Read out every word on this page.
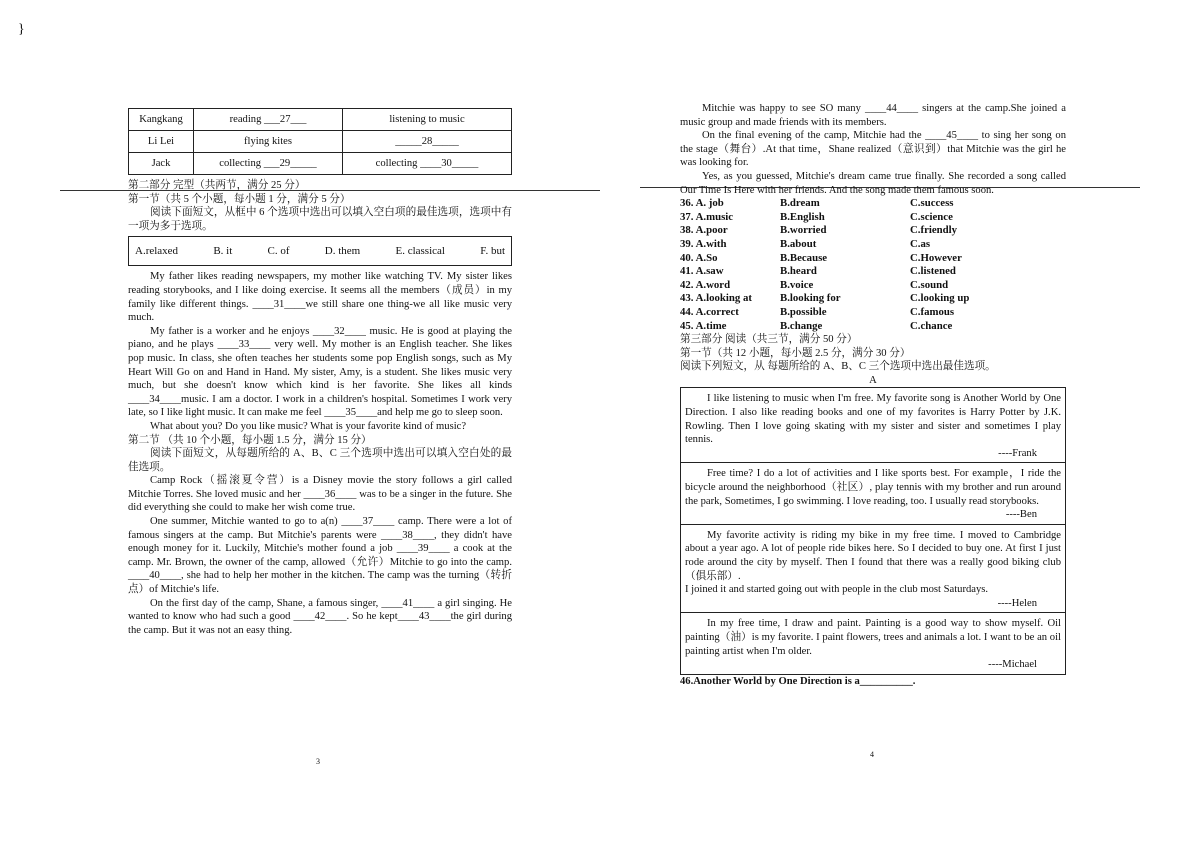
}
Kangkang	reading ___27___	listening to music
Li Lei	flying kites	_____28_____
Jack	collecting ___29_____	collecting ____30_____

第二部分 完型（共两节，满分 25 分）

第一节（共 5 个小题，每小题 1 分，满分 5 分）

阅读下面短文，从框中 6 个选项中选出可以填入空白项的最佳选项，选项中有一项为多于选项。

A.relaxed	B. it	C. of	D. them	E. classical	F. but

My father likes reading newspapers, my mother like watching TV. My sister likes reading storybooks, and I like doing exercise. It seems all the members（成员）in my family like different things. ____31____we still share one thing-we all like music very much.

My father is a worker and he enjoys ____32____ music. He is good at playing the piano, and he plays ____33____ very well. My mother is an English teacher. She likes pop music. In class, she often teaches her students some pop English songs, such as My Heart Will Go on and Hand in Hand. My sister, Amy, is a student. She likes music very much, but she doesn't know which kind is her favorite. She likes all kinds ____34____music. I am a doctor. I work in a children's hospital. Sometimes I work very late, so I like light music. It can make me feel ____35____and help me go to sleep soon.

What about you? Do you like music? What is your favorite kind of music?

第二节 （共 10 个小题，每小题 1.5 分，满分 15 分）

阅读下面短文，从每题所给的 A、B、C 三个选项中选出可以填入空白处的最佳选项。

Camp Rock（摇滚夏令营）is a Disney movie the story follows a girl called Mitchie Torres. She loved music and her ____36____ was to be a singer in the future. She did everything she could to make her wish come true.

One summer, Mitchie wanted to go to a(n) ____37____ camp. There were a lot of famous singers at the camp. But Mitchie's parents were ____38____, they didn't have enough money for it. Luckily, Mitchie's mother found a job ____39____ a cook at the camp. Mr. Brown, the owner of the camp, allowed（允许）Mitchie to go into the camp. ____40____, she had to help her mother in the kitchen. The camp was the turning（转折点）of Mitchie's life.

On the first day of the camp, Shane, a famous singer, ____41____ a girl singing. He wanted to know who had such a good ____42____. So he kept____43____the girl during the camp. But it was not an easy thing.

3

Mitchie was happy to see SO many ____44____ singers at the camp.She joined a music group and made friends with its members.

On the final evening of the camp, Mitchie had the ____45____ to sing her song on the stage（舞台）.At that time，Shane realized（意识到）that Mitchie was the girl he was looking for.

Yes, as you guessed, Mitchie's dream came true finally. She recorded a song called Our Time Is Here with her friends. And the song made them famous soon.

36. A. job	B.dream	C.success
37. A.music	B.English	C.science
38. A.poor	B.worried	C.friendly
39. A.with	B.about	C.as
40. A.So	B.Because	C.However
41. A.saw	B.heard	C.listened
42. A.word	B.voice	C.sound
43. A.looking at	B.looking for	C.looking up
44. A.correct	B.possible	C.famous
45. A.time	B.change	C.chance

第三部分 阅读（共三节，满分 50 分）

第一节（共 12 小题，每小题 2.5 分，满分 30 分）

阅读下列短文，从 每题所给的 A、B、C 三个选项中选出最佳选项。

A

I like listening to music when I'm free. My favorite song is Another World by One Direction. I also like reading books and one of my favorites is Harry Potter by J.K. Rowling. Then I love going skating with my sister and sister and sometimes I play tennis.

----Frank

Free time? I do a lot of activities and I like sports best. For example，I ride the bicycle around the neighborhood（社区）, play tennis with my brother and run around the park, Sometimes, I go swimming. I love reading, too. I usually read storybooks.

----Ben

My favorite activity is riding my bike in my free time. I moved to Cambridge about a year ago. A lot of people ride bikes here. So I decided to buy one. At first I just rode around the city by myself. Then I found that there was a really good biking club（俱乐部）.
I joined it and started going out with people in the club most Saturdays.

----Helen

In my free time, I draw and paint. Painting is a good way to show myself. Oil painting（油）is my favorite. I paint flowers, trees and animals a lot. I want to be an oil painting artist when I'm older.

----Michael

46.Another World by One Direction is a__________.

4
